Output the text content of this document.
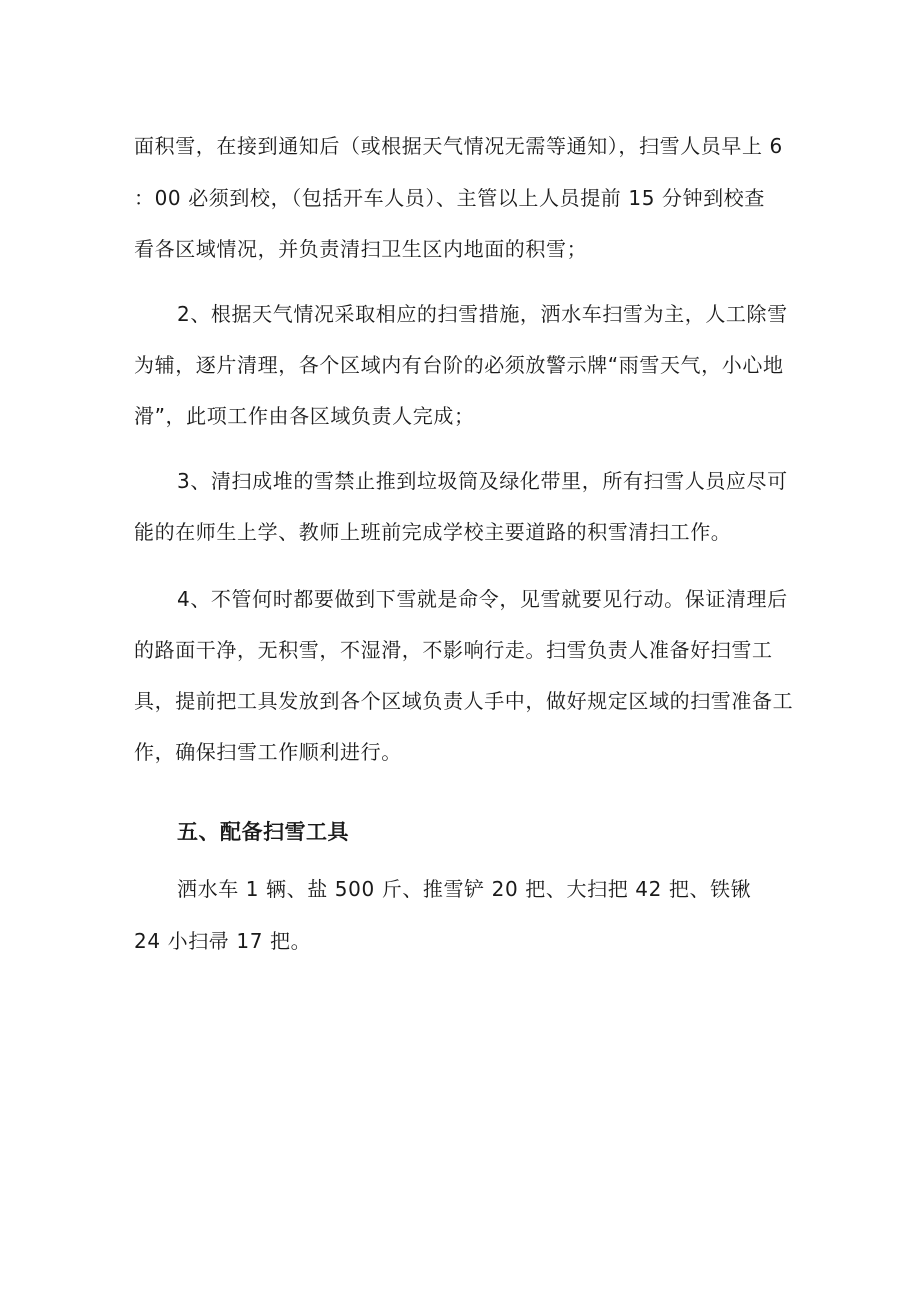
面积雪，在接到通知后（或根据天气情况无需等通知），扫雪人员早上 6
：00 必须到校，（包括开车人员）、主管以上人员提前 15 分钟到校查
看各区域情况，并负责清扫卫生区内地面的积雪；
2、根据天气情况采取相应的扫雪措施，洒水车扫雪为主，人工除雪
为辅，逐片清理，各个区域内有台阶的必须放警示牌“雨雪天气，小心地
滑”，此项工作由各区域负责人完成；
3、清扫成堆的雪禁止推到垃圾筒及绿化带里，所有扫雪人员应尽可
能的在师生上学、教师上班前完成学校主要道路的积雪清扫工作。
4、不管何时都要做到下雪就是命令，见雪就要见行动。保证清理后
的路面干净，无积雪，不湿滑，不影响行走。扫雪负责人准备好扫雪工
具，提前把工具发放到各个区域负责人手中，做好规定区域的扫雪准备工
作，确保扫雪工作顺利进行。
五、配备扫雪工具
洒水车 1 辆、盐 500 斤、推雪铲 20 把、大扫把 42 把、铁锹
24 小扫帚 17 把。
